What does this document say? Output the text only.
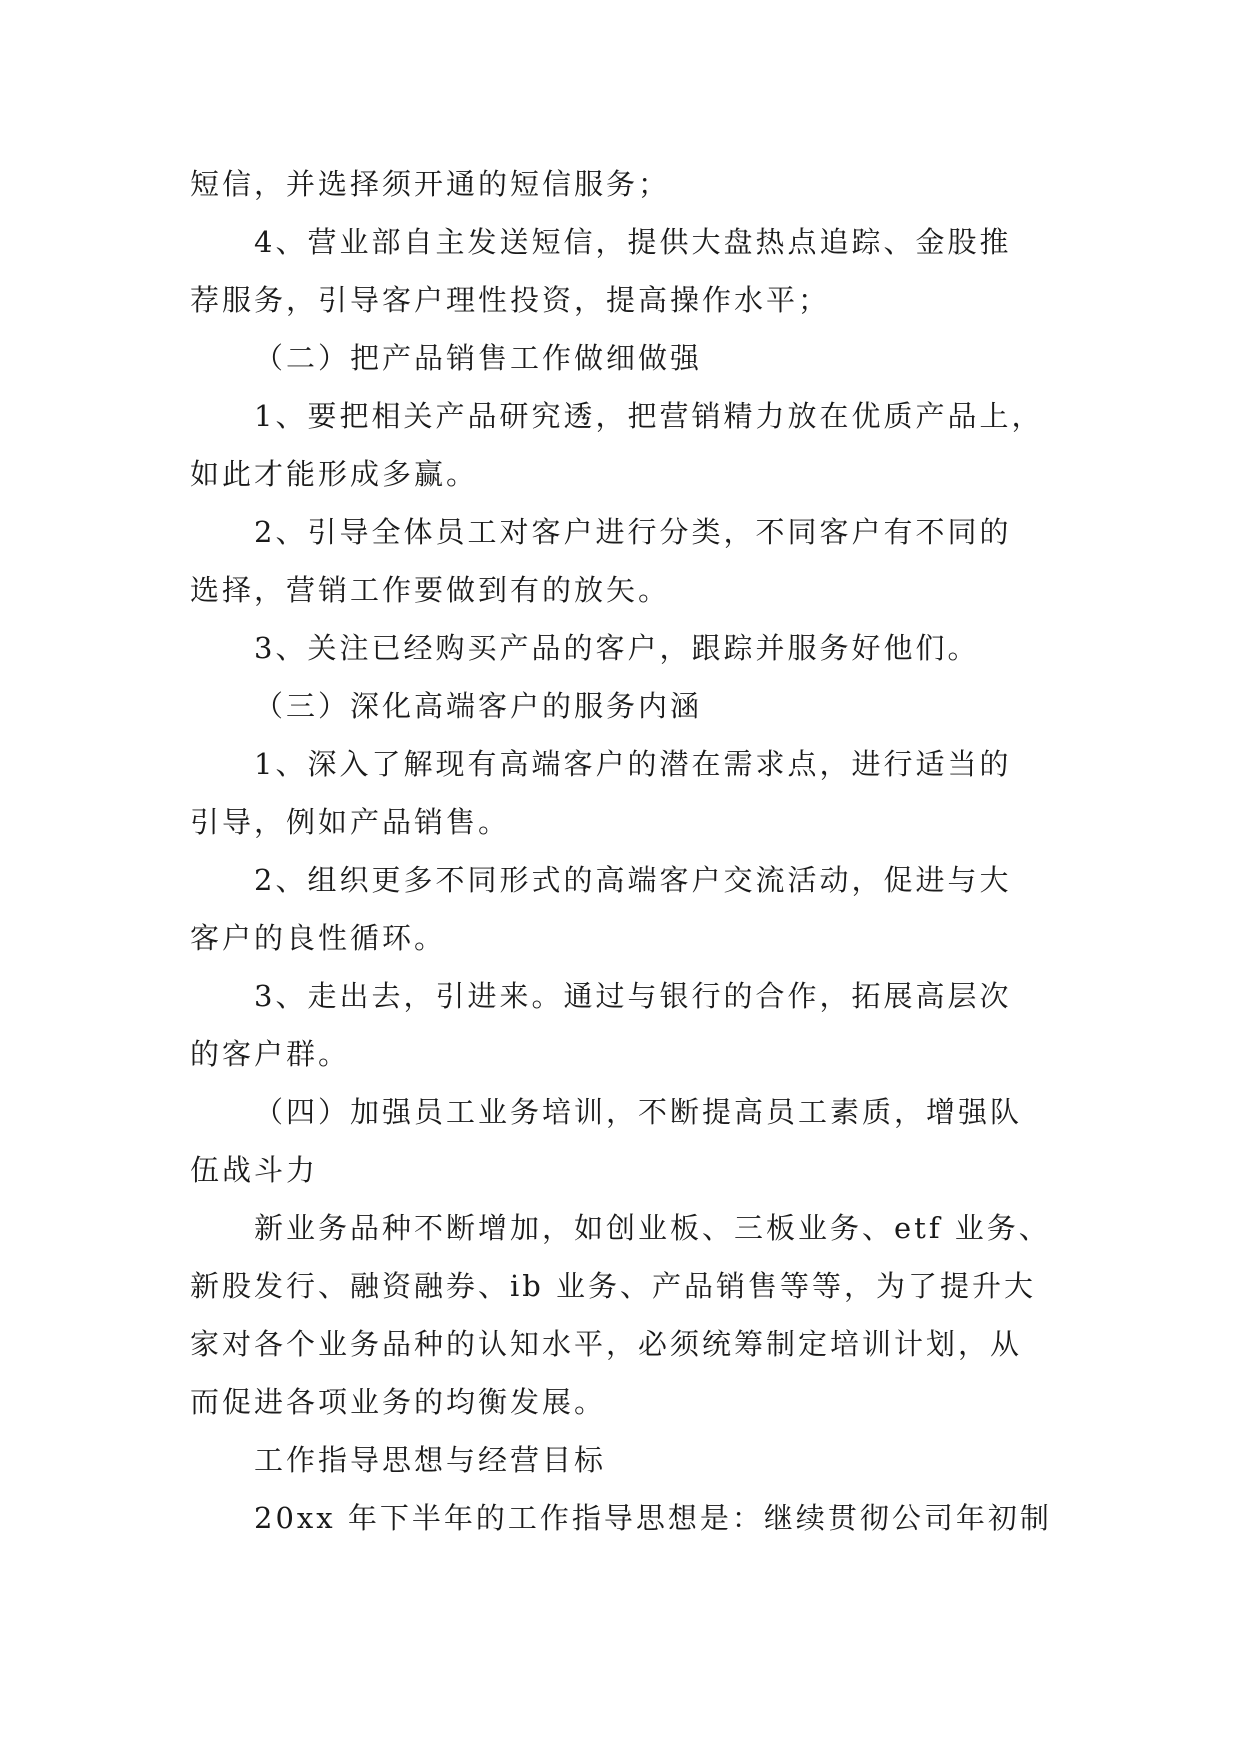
短信，并选择须开通的短信服务；
4、营业部自主发送短信，提供大盘热点追踪、金股推
荐服务，引导客户理性投资，提高操作水平；
（二）把产品销售工作做细做强
1、要把相关产品研究透，把营销精力放在优质产品上，
如此才能形成多赢。
2、引导全体员工对客户进行分类，不同客户有不同的
选择，营销工作要做到有的放矢。
3、关注已经购买产品的客户，跟踪并服务好他们。
（三）深化高端客户的服务内涵
1、深入了解现有高端客户的潜在需求点，进行适当的
引导，例如产品销售。
2、组织更多不同形式的高端客户交流活动，促进与大
客户的良性循环。
3、走出去，引进来。通过与银行的合作，拓展高层次
的客户群。
（四）加强员工业务培训，不断提高员工素质，增强队
伍战斗力
新业务品种不断增加，如创业板、三板业务、etf 业务、
新股发行、融资融券、ib 业务、产品销售等等，为了提升大
家对各个业务品种的认知水平，必须统筹制定培训计划，从
而促进各项业务的均衡发展。
工作指导思想与经营目标
20xx 年下半年的工作指导思想是：继续贯彻公司年初制
